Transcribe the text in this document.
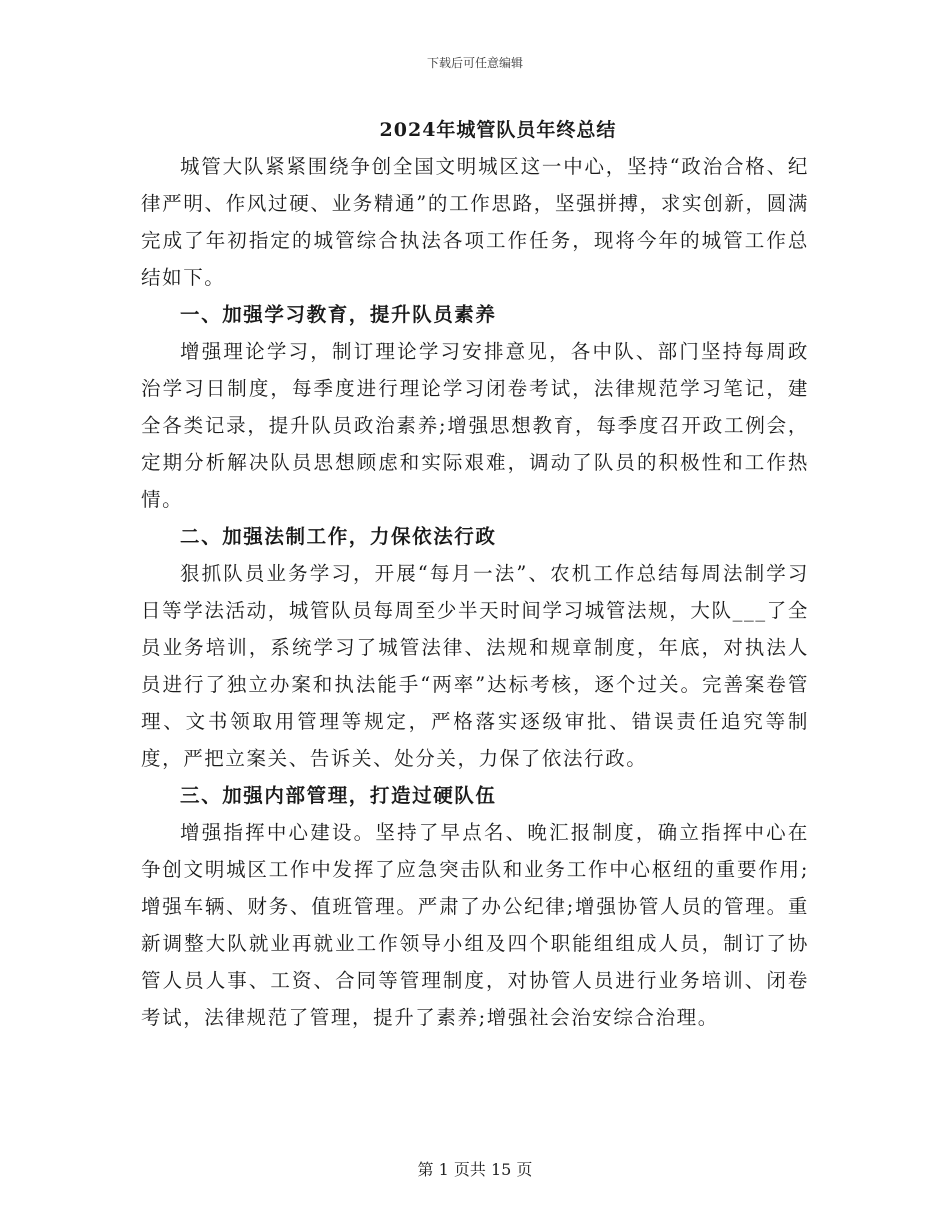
下载后可任意编辑
2024年城管队员年终总结

城管大队紧紧围绕争创全国文明城区这一中心，坚持“政治合格、纪律严明、作风过硬、业务精通”的工作思路，坚强拼搏，求实创新，圆满完成了年初指定的城管综合执法各项工作任务，现将今年的城管工作总结如下。

一、加强学习教育，提升队员素养

增强理论学习，制订理论学习安排意见，各中队、部门坚持每周政治学习日制度，每季度进行理论学习闭卷考试，法律规范学习笔记，建全各类记录，提升队员政治素养;增强思想教育，每季度召开政工例会，定期分析解决队员思想顾虑和实际艰难，调动了队员的积极性和工作热情。

二、加强法制工作，力保依法行政

狠抓队员业务学习，开展“每月一法”、农机工作总结每周法制学习日等学法活动，城管队员每周至少半天时间学习城管法规，大队___了全员业务培训，系统学习了城管法律、法规和规章制度，年底，对执法人员进行了独立办案和执法能手“两率”达标考核，逐个过关。完善案卷管理、文书领取用管理等规定，严格落实逐级审批、错误责任追究等制度，严把立案关、告诉关、处分关，力保了依法行政。

三、加强内部管理，打造过硬队伍

增强指挥中心建设。坚持了早点名、晚汇报制度，确立指挥中心在争创文明城区工作中发挥了应急突击队和业务工作中心枢纽的重要作用;增强车辆、财务、值班管理。严肃了办公纪律;增强协管人员的管理。重新调整大队就业再就业工作领导小组及四个职能组组成人员，制订了协管人员人事、工资、合同等管理制度，对协管人员进行业务培训、闭卷考试，法律规范了管理，提升了素养;增强社会治安综合治理。

第 1 页共 15 页
